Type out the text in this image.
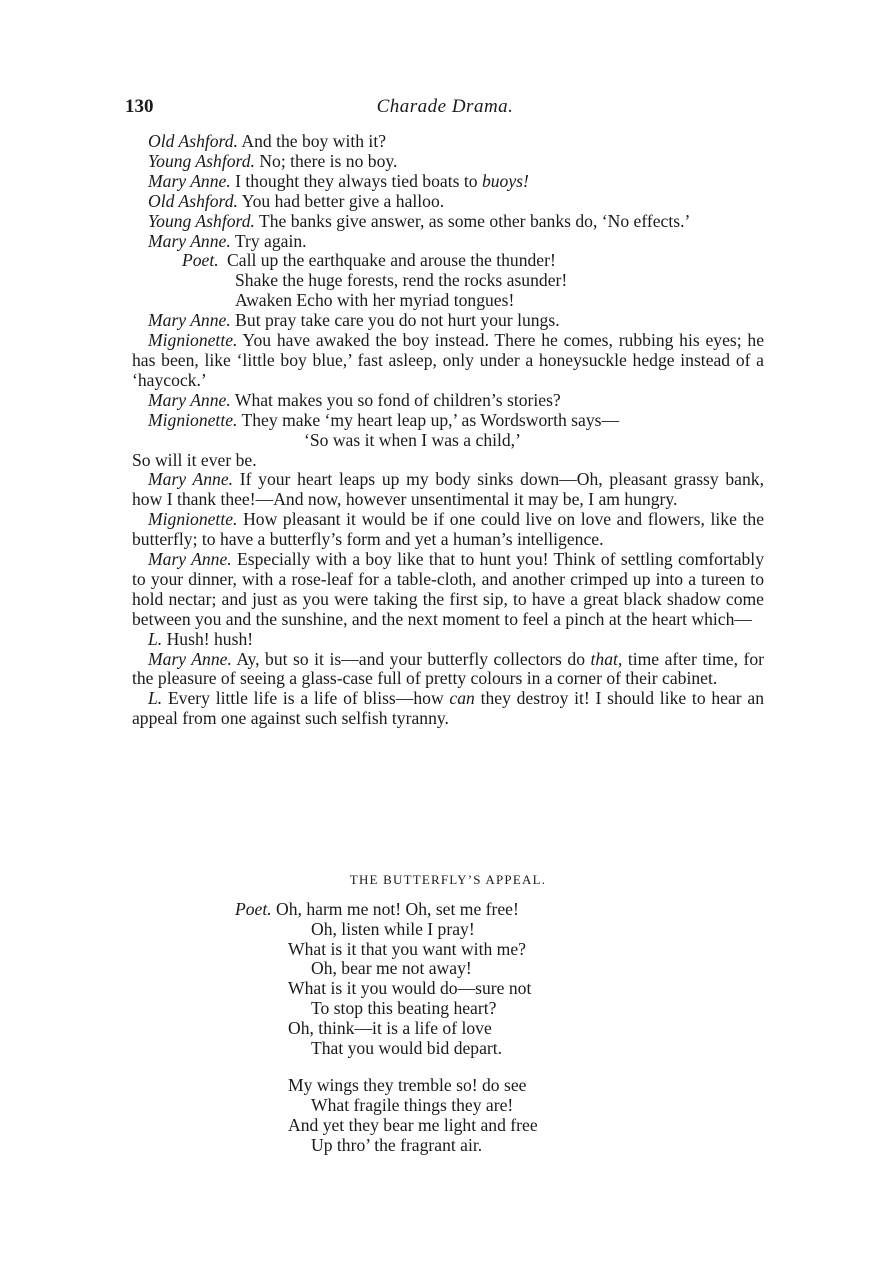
130	Charade Drama.

Old Ashford. And the boy with it?

Young Ashford. No; there is no boy.

Mary Anne. I thought they always tied boats to buoys!

Old Ashford. You had better give a halloo.

Young Ashford. The banks give answer, as some other banks do, ‘No effects.’

Mary Anne. Try again.

Poet. Call up the earthquake and arouse the thunder!
Shake the huge forests, rend the rocks asunder!
Awaken Echo with her myriad tongues!

Mary Anne. But pray take care you do not hurt your lungs.

Mignionette. You have awaked the boy instead. There he comes, rubbing his eyes; he has been, like ‘little boy blue,’ fast asleep, only under a honeysuckle hedge instead of a ‘haycock.’

Mary Anne. What makes you so fond of children’s stories?

Mignionette. They make ‘my heart leap up,’ as Wordsworth says—

‘So was it when I was a child,’

So will it ever be.

Mary Anne. If your heart leaps up my body sinks down—Oh, pleasant grassy bank, how I thank thee!—And now, however unsentimental it may be, I am hungry.

Mignionette. How pleasant it would be if one could live on love and flowers, like the butterfly; to have a butterfly’s form and yet a human’s intelligence.

Mary Anne. Especially with a boy like that to hunt you! Think of settling comfortably to your dinner, with a rose-leaf for a table-cloth, and another crimped up into a tureen to hold nectar; and just as you were taking the first sip, to have a great black shadow come between you and the sunshine, and the next moment to feel a pinch at the heart which—

L. Hush! hush!

Mary Anne. Ay, but so it is—and your butterfly collectors do that, time after time, for the pleasure of seeing a glass-case full of pretty colours in a corner of their cabinet.

L. Every little life is a life of bliss—how can they destroy it! I should like to hear an appeal from one against such selfish tyranny.

THE BUTTERFLY’S APPEAL.
Poet. Oh, harm me not! Oh, set me free!
Oh, listen while I pray!
What is it that you want with me?
Oh, bear me not away!
What is it you would do—sure not
To stop this beating heart?
Oh, think—it is a life of love
That you would bid depart.
My wings they tremble so! do see
What fragile things they are!
And yet they bear me light and free
Up thro’ the fragrant air.
